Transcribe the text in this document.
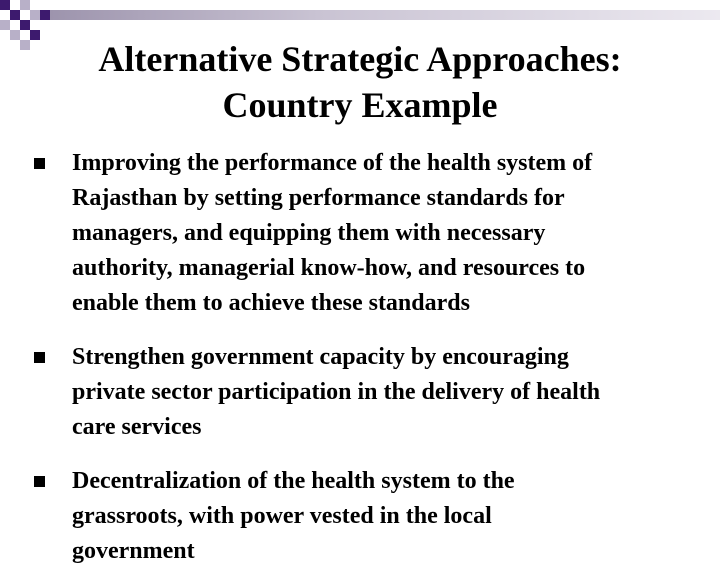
Alternative Strategic Approaches:
Country Example
Improving the performance of the health system of
Rajasthan by setting performance standards for
managers, and equipping them with necessary
authority, managerial know-how, and resources to
enable them to achieve these standards
Strengthen government capacity by encouraging
private sector participation in the delivery of health
care services
Decentralization of the health system to the
grassroots, with power vested in the local
government
